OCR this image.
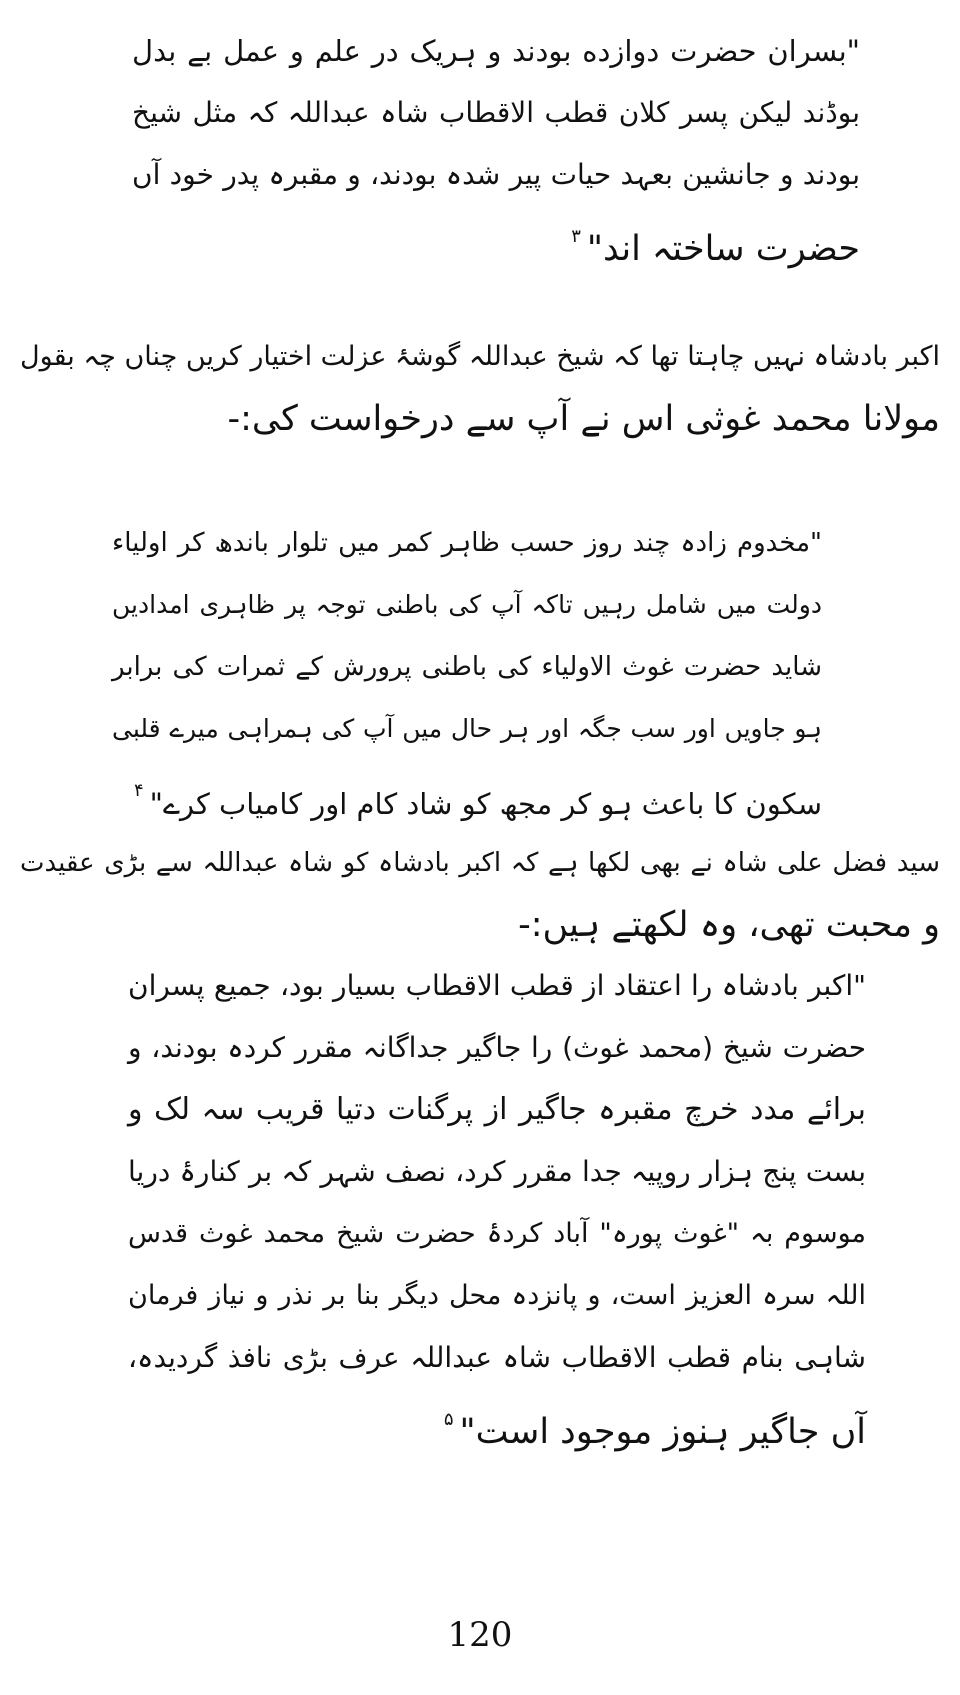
"بسران حضرت دوازده بودند و ہریک در علم و عمل بے بدل
بوڈند لیکن پسر کلان قطب الاقطاب شاہ عبداللہ کہ مثل شیخ
بودند و جانشین بعہد حیات پیر شدہ بودند، و مقبرہ پدر خود آں
حضرت ساختہ اند"$^۳$
اکبر بادشاہ نہیں چاہتا تھا کہ شیخ عبداللہ گوشۂ عزلت اختیار کریں چناں چہ بقول
مولانا محمد غوثی اس نے آپ سے درخواست کی:-
"مخدوم زادہ چند روز حسب ظاہر کمر میں تلوار باندھ کر اولیاء
دولت میں شامل رہیں تاکہ آپ کی باطنی توجہ پر ظاہری امدادیں
شاید حضرت غوث الاولیاء کی باطنی پرورش کے ثمرات کی برابر
ہو جاویں اور سب جگہ اور ہر حال میں آپ کی ہمراہی میرے قلبی
سکون کا باعث ہو کر مجھ کو شاد کام اور کامیاب کرے"$^۴$
سید فضل علی شاہ نے بھی لکھا ہے کہ اکبر بادشاہ کو شاہ عبداللہ سے بڑی عقیدت
و محبت تھی، وہ لکھتے ہیں:-
"اکبر بادشاہ را اعتقاد از قطب الاقطاب بسیار بود، جمیع پسران
حضرت شیخ (محمد غوث) را جاگیر جداگانہ مقرر کردہ بودند، و
برائے مدد خرچ مقبرہ جاگیر از پرگنات دتیا قریب سہ لک و
بست پنج ہزار روپیہ جدا مقرر کرد، نصف شہر کہ بر کنارۂ دریا
موسوم بہ "غوث پورہ" آباد کردۂ حضرت شیخ محمد غوث قدس
اللہ سرہ العزیز است، و پانزدہ محل دیگر بنا بر نذر و نیاز فرمان
شاہی بنام قطب الاقطاب شاہ عبداللہ عرف بڑی نافذ گردیدہ،
آں جاگیر ہنوز موجود است"$^۵$
120
